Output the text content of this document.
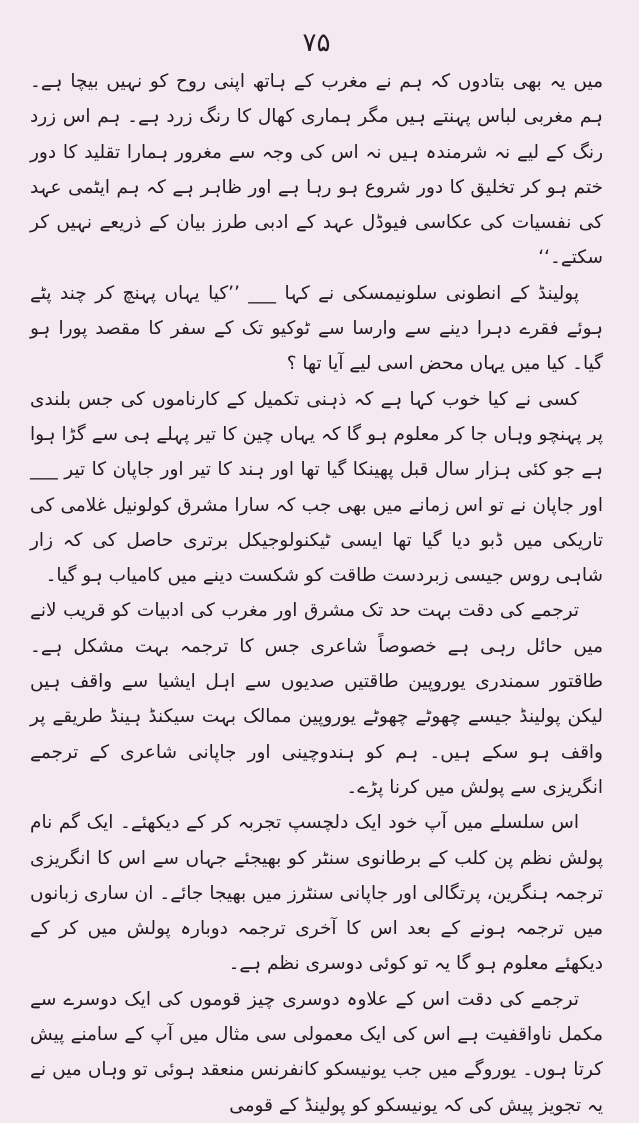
۷۵

میں یہ بھی بتادوں کہ ہم نے مغرب کے ہاتھ اپنی روح کو نہیں بیچا ہے۔ ہم مغربی لباس پہنتے ہیں مگر ہماری کھال کا رنگ زرد ہے۔ ہم اس زرد رنگ کے لیے نہ شرمندہ ہیں نہ اس کی وجہ سے مغرور ہمارا تقلید کا دور ختم ہو کر تخلیق کا دور شروع ہو رہا ہے اور ظاہر ہے کہ ہم ایٹمی عہد کی نفسیات کی عکاسی فیوڈل عہد کے ادبی طرز بیان کے ذریعے نہیں کر سکتے۔‘‘

پولینڈ کے انطونی سلونیمسکی نے کہا ___ ’’کیا یہاں پہنچ کر چند پٹے ہوئے فقرے دہرا دینے سے وارسا سے ٹوکیو تک کے سفر کا مقصد پورا ہو گیا۔ کیا میں یہاں محض اسی لیے آیا تھا ؟

کسی نے کیا خوب کہا ہے کہ ذہنی تکمیل کے کارناموں کی جس بلندی پر پہنچو وہاں جا کر معلوم ہو گا کہ یہاں چین کا تیر پہلے ہی سے گڑا ہوا ہے جو کئی ہزار سال قبل پھینکا گیا تھا اور ہند کا تیر اور جاپان کا تیر ___ اور جاپان نے تو اس زمانے میں بھی جب کہ سارا مشرق کولونیل غلامی کی تاریکی میں ڈبو دیا گیا تھا ایسی ٹیکنولوجیکل برتری حاصل کی کہ زار شاہی روس جیسی زبردست طاقت کو شکست دینے میں کامیاب ہو گیا۔

ترجمے کی دقت بہت حد تک مشرق اور مغرب کی ادبیات کو قریب لانے میں حائل رہی ہے خصوصاً شاعری جس کا ترجمہ بہت مشکل ہے۔ طاقتور سمندری یوروپین طاقتیں صدیوں سے اہل ایشیا سے واقف ہیں لیکن پولینڈ جیسے چھوٹے چھوٹے یوروپین ممالک بہت سیکنڈ ہینڈ طریقے پر واقف ہو سکے ہیں۔ ہم کو ہندوچینی اور جاپانی شاعری کے ترجمے انگریزی سے پولش میں کرنا پڑے۔

اس سلسلے میں آپ خود ایک دلچسپ تجربہ کر کے دیکھئے۔ ایک گم نام پولش نظم پن کلب کے برطانوی سنٹر کو بھیجئے جہاں سے اس کا انگریزی ترجمہ ہنگرین، پرتگالی اور جاپانی سنٹرز میں بھیجا جائے۔ ان ساری زبانوں میں ترجمہ ہونے کے بعد اس کا آخری ترجمہ دوبارہ پولش میں کر کے دیکھئے معلوم ہو گا یہ تو کوئی دوسری نظم ہے۔

ترجمے کی دقت اس کے علاوہ دوسری چیز قوموں کی ایک دوسرے سے مکمل ناواقفیت ہے اس کی ایک معمولی سی مثال میں آپ کے سامنے پیش کرتا ہوں۔ یوروگے میں جب یونیسکو کانفرنس منعقد ہوئی تو وہاں میں نے یہ تجویز پیش کی کہ یونیسکو کو پولینڈ کے قومی
